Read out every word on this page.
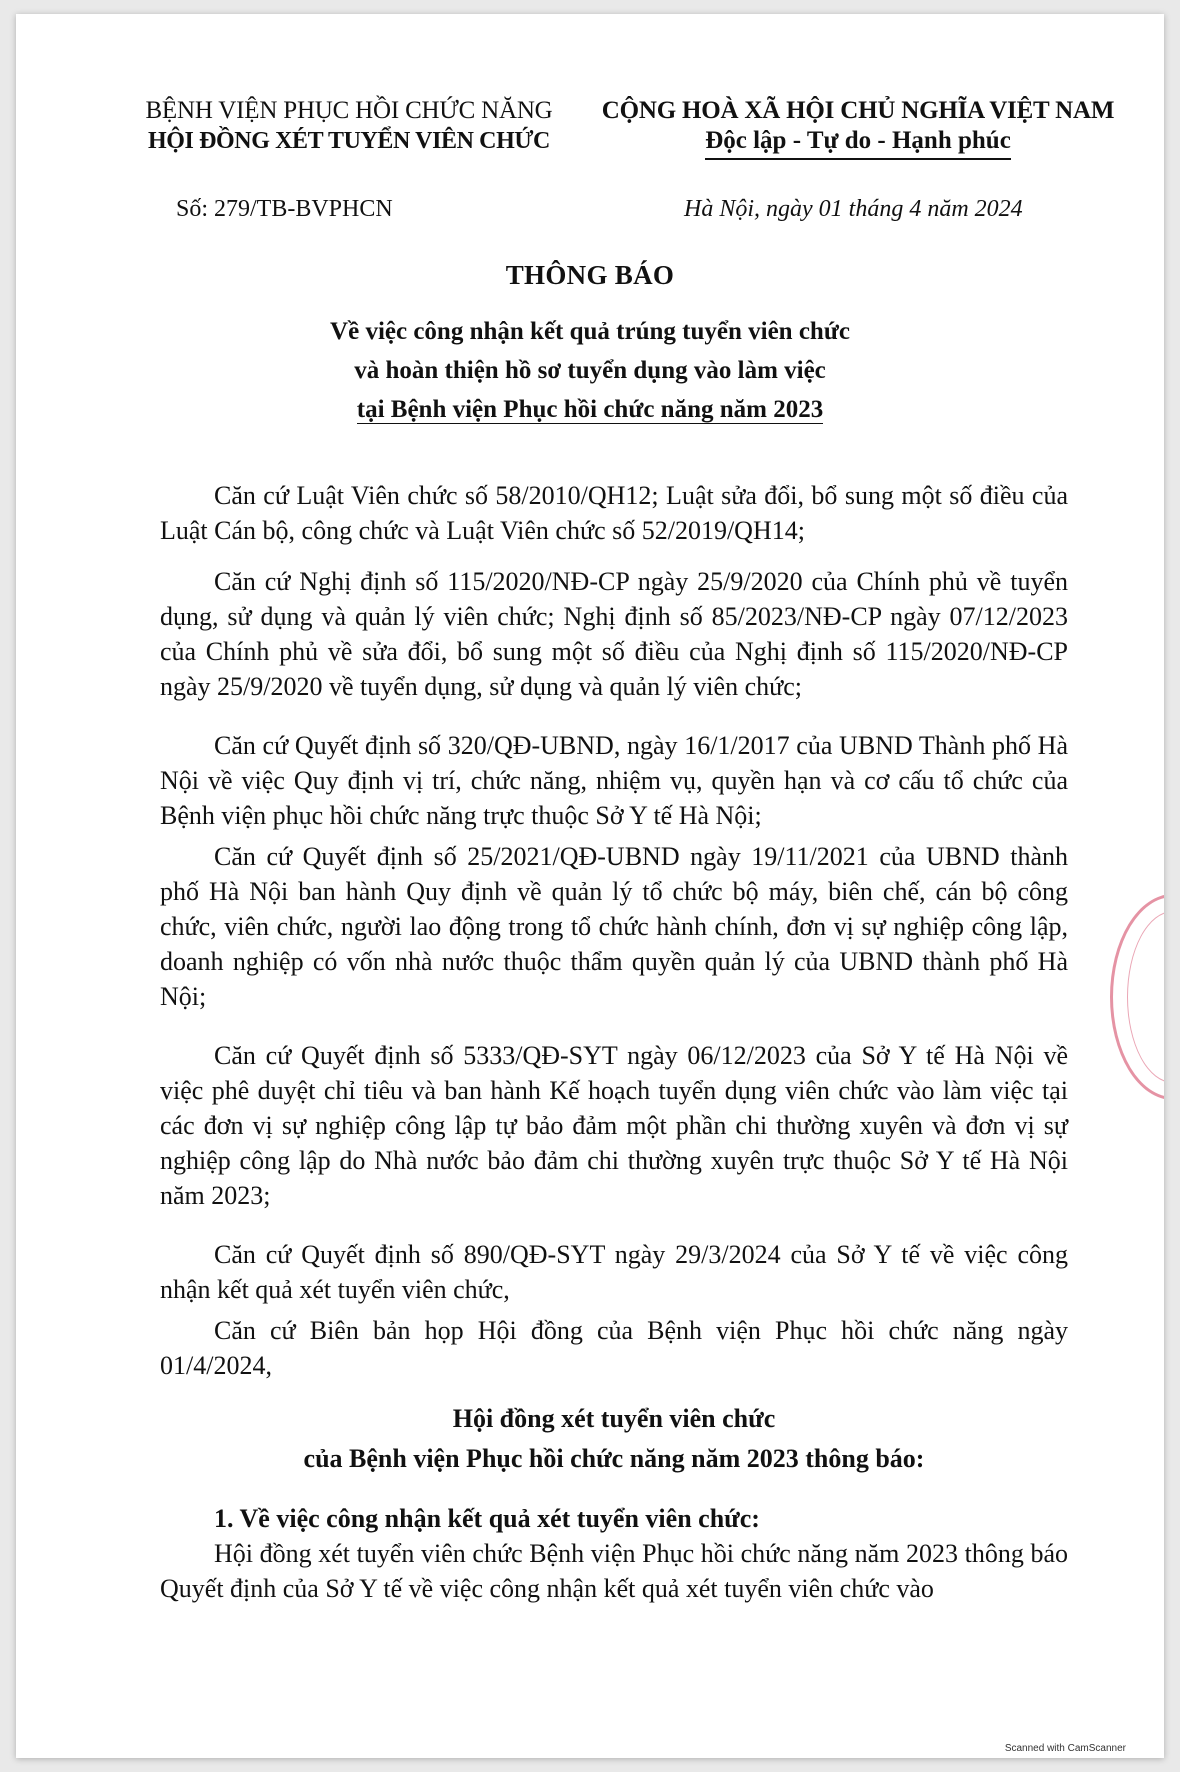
BỆNH VIỆN PHỤC HỒI CHỨC NĂNG
HỘI ĐỒNG XÉT TUYỂN VIÊN CHỨC
CỘNG HOÀ XÃ HỘI CHỦ NGHĨA VIỆT NAM
Độc lập - Tự do - Hạnh phúc
Số: 279/TB-BVPHCN	Hà Nội, ngày 01 tháng 4 năm 2024
THÔNG BÁO
Về việc công nhận kết quả trúng tuyển viên chức
và hoàn thiện hồ sơ tuyển dụng vào làm việc
tại Bệnh viện Phục hồi chức năng năm 2023

Căn cứ Luật Viên chức số 58/2010/QH12; Luật sửa đổi, bổ sung một số điều của Luật Cán bộ, công chức và Luật Viên chức số 52/2019/QH14;

Căn cứ Nghị định số 115/2020/NĐ-CP ngày 25/9/2020 của Chính phủ về tuyển dụng, sử dụng và quản lý viên chức; Nghị định số 85/2023/NĐ-CP ngày 07/12/2023 của Chính phủ về sửa đổi, bổ sung một số điều của Nghị định số 115/2020/NĐ-CP ngày 25/9/2020 về tuyển dụng, sử dụng và quản lý viên chức;

Căn cứ Quyết định số 320/QĐ-UBND, ngày 16/1/2017 của UBND Thành phố Hà Nội về việc Quy định vị trí, chức năng, nhiệm vụ, quyền hạn và cơ cấu tổ chức của Bệnh viện phục hồi chức năng trực thuộc Sở Y tế Hà Nội;

Căn cứ Quyết định số 25/2021/QĐ-UBND ngày 19/11/2021 của UBND thành phố Hà Nội ban hành Quy định về quản lý tổ chức bộ máy, biên chế, cán bộ công chức, viên chức, người lao động trong tổ chức hành chính, đơn vị sự nghiệp công lập, doanh nghiệp có vốn nhà nước thuộc thẩm quyền quản lý của UBND thành phố Hà Nội;

Căn cứ Quyết định số 5333/QĐ-SYT ngày 06/12/2023 của Sở Y tế Hà Nội về việc phê duyệt chỉ tiêu và ban hành Kế hoạch tuyển dụng viên chức vào làm việc tại các đơn vị sự nghiệp công lập tự bảo đảm một phần chi thường xuyên và đơn vị sự nghiệp công lập do Nhà nước bảo đảm chi thường xuyên trực thuộc Sở Y tế Hà Nội năm 2023;

Căn cứ Quyết định số 890/QĐ-SYT ngày 29/3/2024 của Sở Y tế về việc công nhận kết quả xét tuyển viên chức,

Căn cứ Biên bản họp Hội đồng của Bệnh viện Phục hồi chức năng ngày 01/4/2024,

Hội đồng xét tuyển viên chức
của Bệnh viện Phục hồi chức năng năm 2023 thông báo:
1. Về việc công nhận kết quả xét tuyển viên chức:

Hội đồng xét tuyển viên chức Bệnh viện Phục hồi chức năng năm 2023 thông báo Quyết định của Sở Y tế về việc công nhận kết quả xét tuyển viên chức vào

Scanned with CamScanner
